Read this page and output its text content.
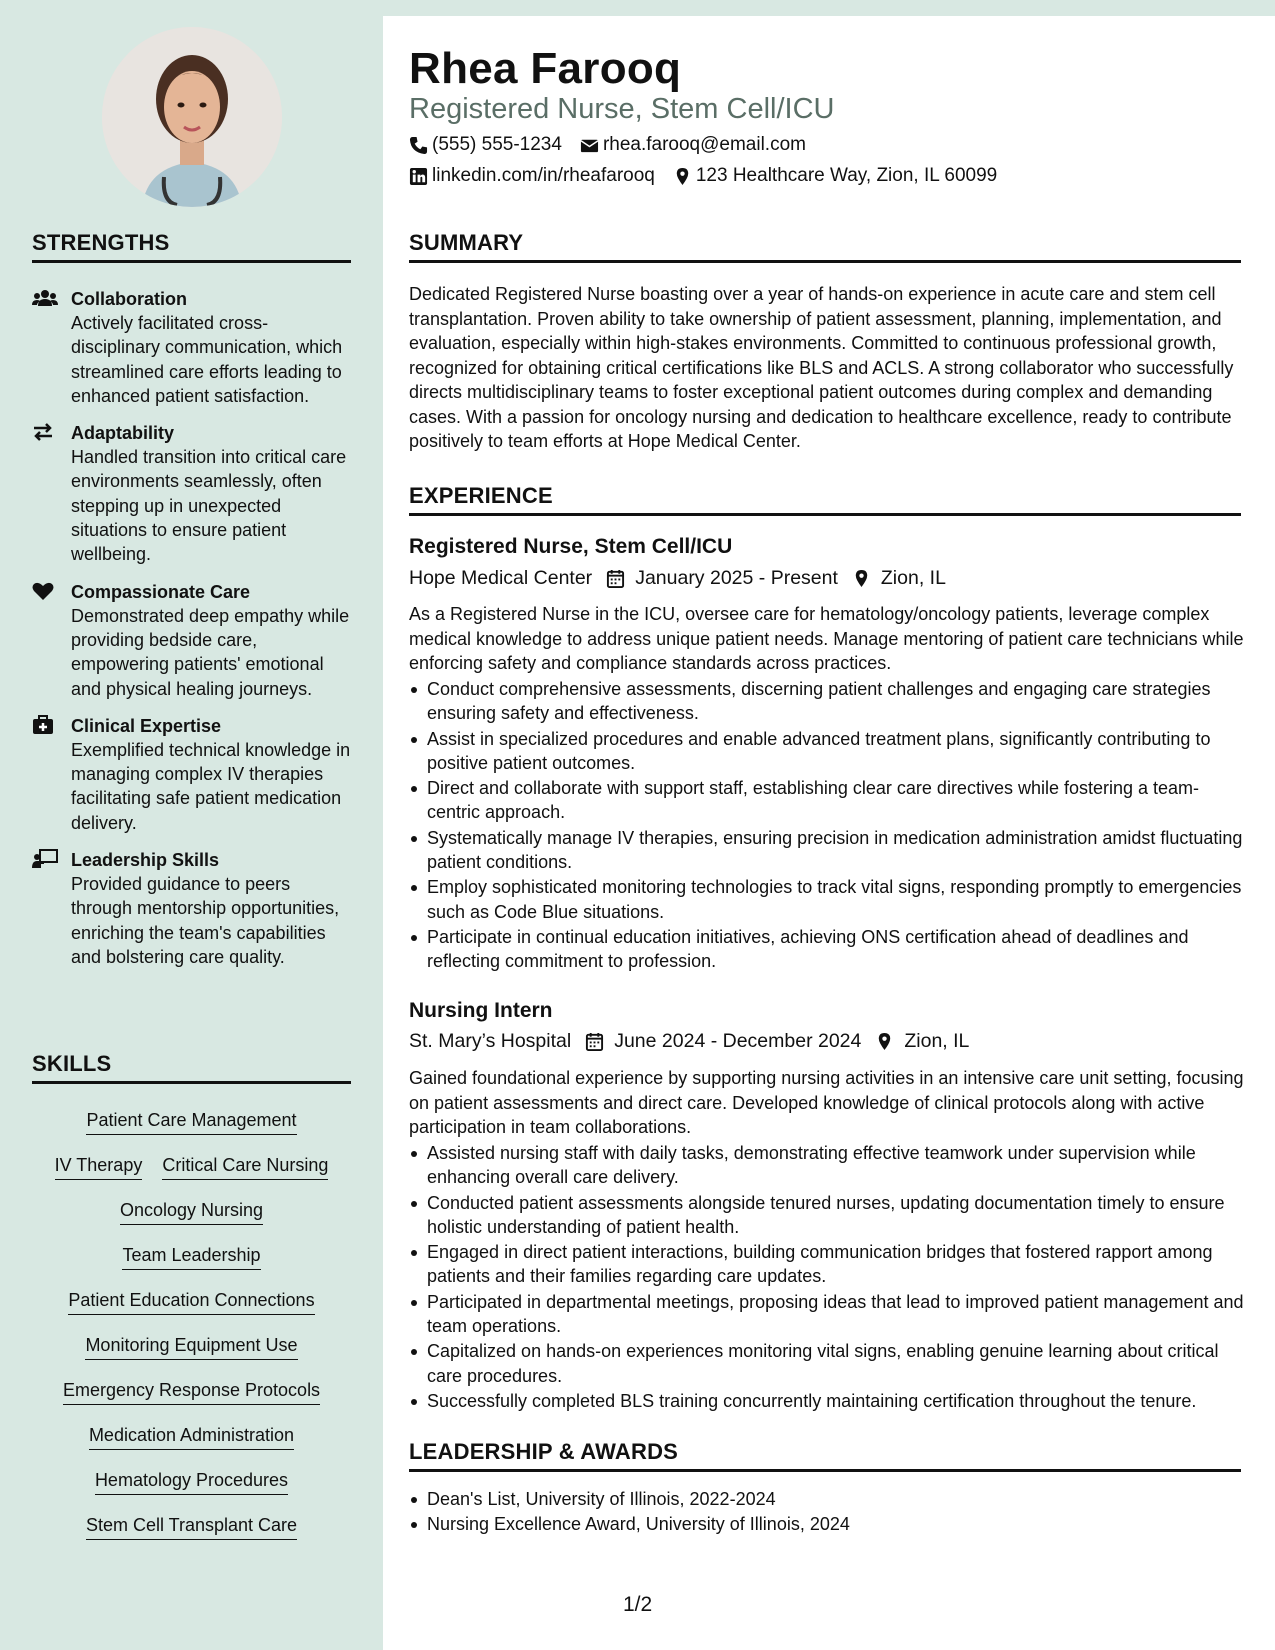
STRENGTHS
Collaboration
Actively facilitated cross-disciplinary communication, which streamlined care efforts leading to enhanced patient satisfaction.
Adaptability
Handled transition into critical care environments seamlessly, often stepping up in unexpected situations to ensure patient wellbeing.
Compassionate Care
Demonstrated deep empathy while providing bedside care, empowering patients' emotional and physical healing journeys.
Clinical Expertise
Exemplified technical knowledge in managing complex IV therapies facilitating safe patient medication delivery.
Leadership Skills
Provided guidance to peers through mentorship opportunities, enriching the team's capabilities and bolstering care quality.
SKILLS
Patient Care Management
IV Therapy Critical Care Nursing
Oncology Nursing
Team Leadership
Patient Education Connections
Monitoring Equipment Use
Emergency Response Protocols
Medication Administration
Hematology Procedures
Stem Cell Transplant Care
Rhea Farooq
Registered Nurse, Stem Cell/ICU
(555) 555-1234 rhea.farooq@email.com
linkedin.com/in/rheafarooq 123 Healthcare Way, Zion, IL 60099
SUMMARY
Dedicated Registered Nurse boasting over a year of hands-on experience in acute care and stem cell transplantation. Proven ability to take ownership of patient assessment, planning, implementation, and evaluation, especially within high-stakes environments. Committed to continuous professional growth, recognized for obtaining critical certifications like BLS and ACLS. A strong collaborator who successfully directs multidisciplinary teams to foster exceptional patient outcomes during complex and demanding cases. With a passion for oncology nursing and dedication to healthcare excellence, ready to contribute positively to team efforts at Hope Medical Center.
EXPERIENCE
Registered Nurse, Stem Cell/ICU
Hope Medical Center January 2025 - Present Zion, IL
As a Registered Nurse in the ICU, oversee care for hematology/oncology patients, leverage complex medical knowledge to address unique patient needs. Manage mentoring of patient care technicians while enforcing safety and compliance standards across practices.
Conduct comprehensive assessments, discerning patient challenges and engaging care strategies ensuring safety and effectiveness.
Assist in specialized procedures and enable advanced treatment plans, significantly contributing to positive patient outcomes.
Direct and collaborate with support staff, establishing clear care directives while fostering a team-centric approach.
Systematically manage IV therapies, ensuring precision in medication administration amidst fluctuating patient conditions.
Employ sophisticated monitoring technologies to track vital signs, responding promptly to emergencies such as Code Blue situations.
Participate in continual education initiatives, achieving ONS certification ahead of deadlines and reflecting commitment to profession.
Nursing Intern
St. Mary’s Hospital June 2024 - December 2024 Zion, IL
Gained foundational experience by supporting nursing activities in an intensive care unit setting, focusing on patient assessments and direct care. Developed knowledge of clinical protocols along with active participation in team collaborations.
Assisted nursing staff with daily tasks, demonstrating effective teamwork under supervision while enhancing overall care delivery.
Conducted patient assessments alongside tenured nurses, updating documentation timely to ensure holistic understanding of patient health.
Engaged in direct patient interactions, building communication bridges that fostered rapport among patients and their families regarding care updates.
Participated in departmental meetings, proposing ideas that lead to improved patient management and team operations.
Capitalized on hands-on experiences monitoring vital signs, enabling genuine learning about critical care procedures.
Successfully completed BLS training concurrently maintaining certification throughout the tenure.
LEADERSHIP & AWARDS
Dean's List, University of Illinois, 2022-2024
Nursing Excellence Award, University of Illinois, 2024
1/2
